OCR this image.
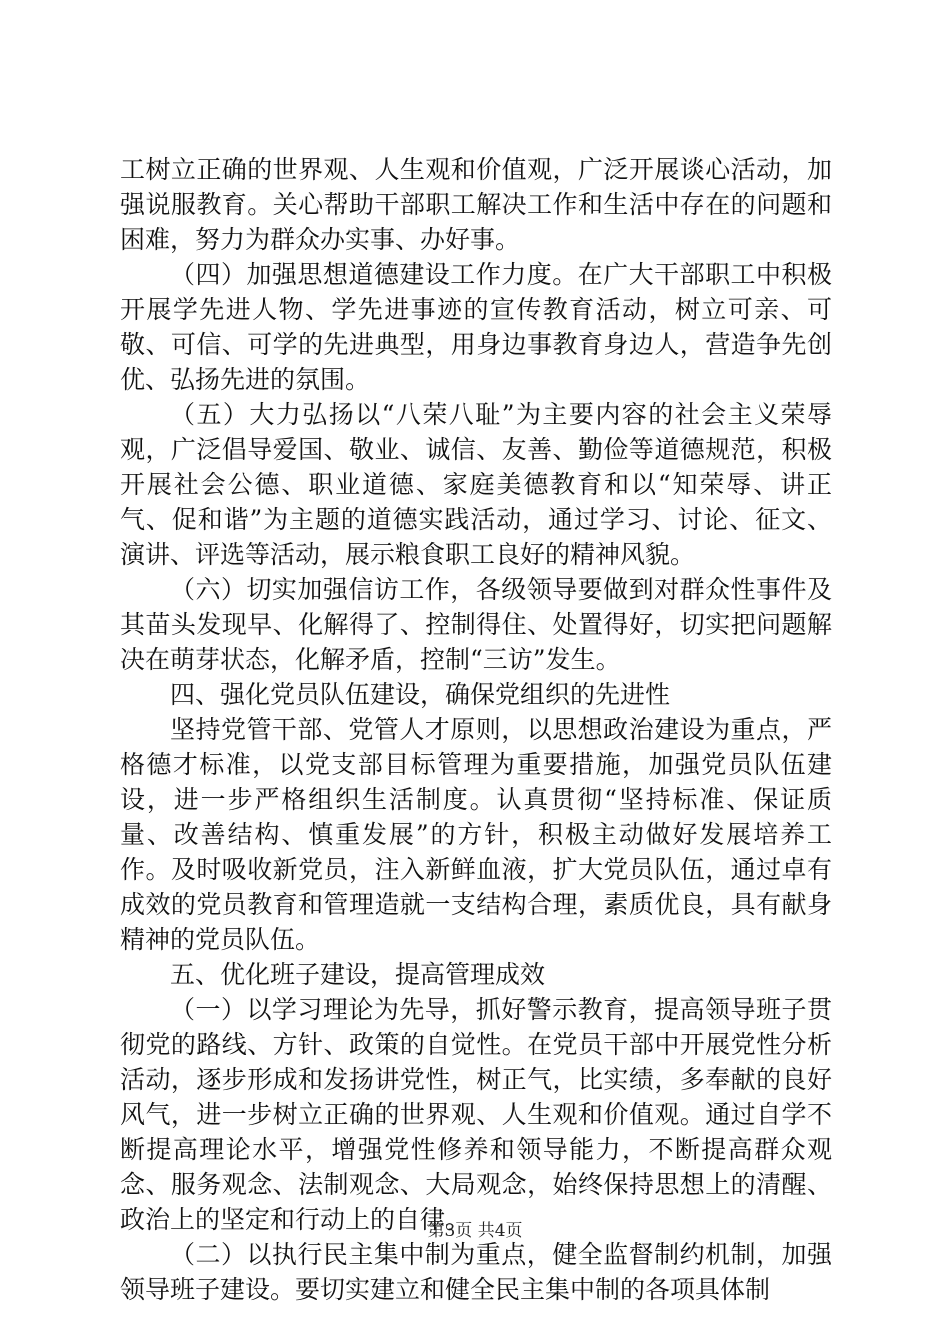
工树立正确的世界观、人生观和价值观，广泛开展谈心活动，加强说服教育。关心帮助干部职工解决工作和生活中存在的问题和困难，努力为群众办实事、办好事。

（四）加强思想道德建设工作力度。在广大干部职工中积极开展学先进人物、学先进事迹的宣传教育活动，树立可亲、可敬、可信、可学的先进典型，用身边事教育身边人，营造争先创优、弘扬先进的氛围。

（五）大力弘扬以“八荣八耻”为主要内容的社会主义荣辱观，广泛倡导爱国、敬业、诚信、友善、勤俭等道德规范，积极开展社会公德、职业道德、家庭美德教育和以“知荣辱、讲正气、促和谐”为主题的道德实践活动，通过学习、讨论、征文、演讲、评选等活动，展示粮食职工良好的精神风貌。

（六）切实加强信访工作，各级领导要做到对群众性事件及其苗头发现早、化解得了、控制得住、处置得好，切实把问题解决在萌芽状态，化解矛盾，控制“三访”发生。

四、强化党员队伍建设，确保党组织的先进性

坚持党管干部、党管人才原则，以思想政治建设为重点，严格德才标准，以党支部目标管理为重要措施，加强党员队伍建设，进一步严格组织生活制度。认真贯彻“坚持标准、保证质量、改善结构、慎重发展”的方针，积极主动做好发展培养工作。及时吸收新党员，注入新鲜血液，扩大党员队伍，通过卓有成效的党员教育和管理造就一支结构合理，素质优良，具有献身精神的党员队伍。

五、优化班子建设，提高管理成效

（一）以学习理论为先导，抓好警示教育，提高领导班子贯彻党的路线、方针、政策的自觉性。在党员干部中开展党性分析活动，逐步形成和发扬讲党性，树正气，比实绩，多奉献的良好风气，进一步树立正确的世界观、人生观和价值观。通过自学不断提高理论水平，增强党性修养和领导能力，不断提高群众观念、服务观念、法制观念、大局观念，始终保持思想上的清醒、政治上的坚定和行动上的自律。

（二）以执行民主集中制为重点，健全监督制约机制，加强领导班子建设。要切实建立和健全民主集中制的各项具体制

第3页 共4页
